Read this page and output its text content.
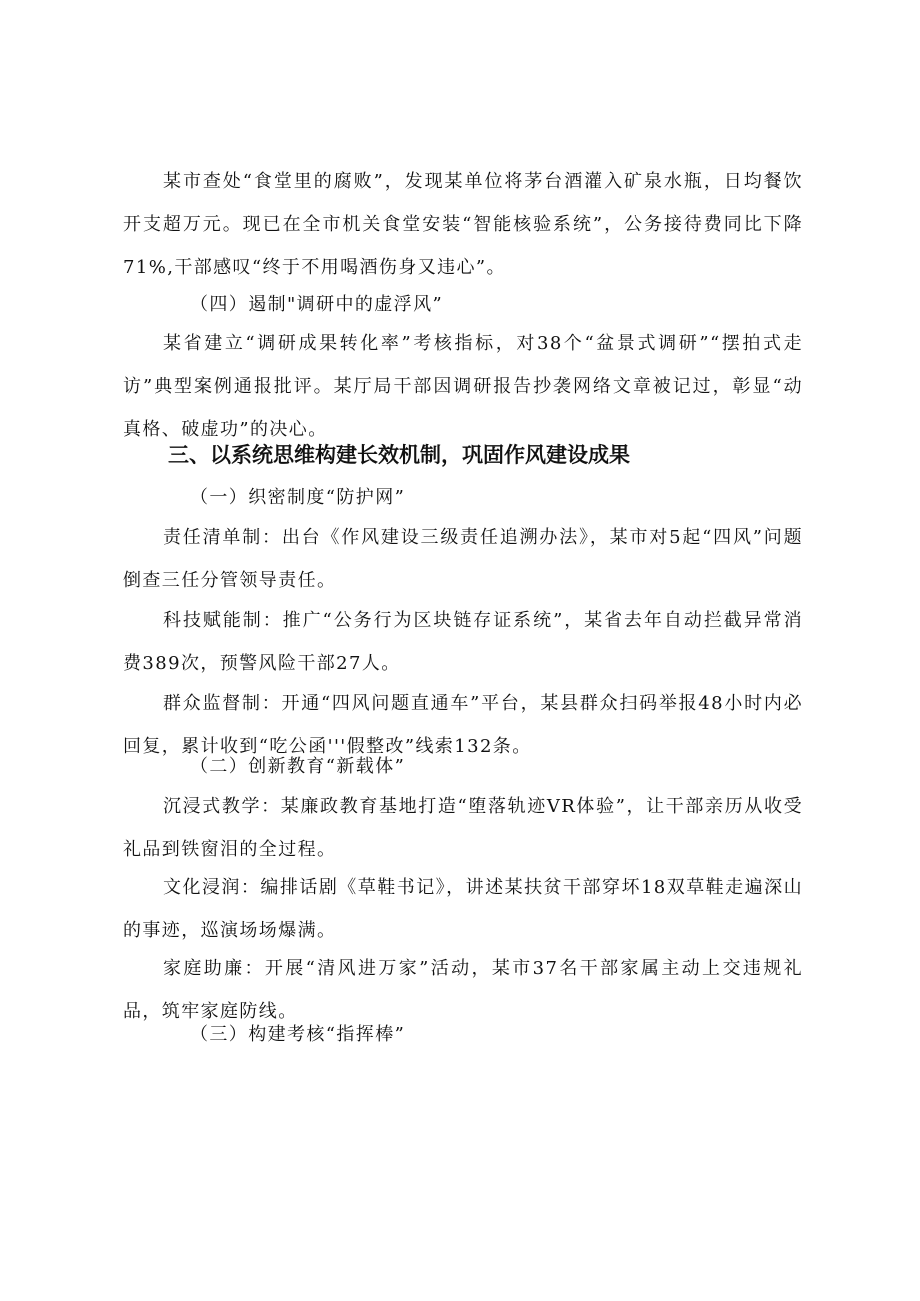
某市查处“食堂里的腐败”，发现某单位将茅台酒灌入矿泉水瓶，日均餐饮开支超万元。现已在全市机关食堂安装“智能核验系统”，公务接待费同比下降71%,干部感叹“终于不用喝酒伤身又违心”。

（四）遏制"调研中的虚浮风”

某省建立“调研成果转化率”考核指标，对38个“盆景式调研”“摆拍式走访”典型案例通报批评。某厅局干部因调研报告抄袭网络文章被记过，彰显“动真格、破虚功”的决心。

三、以系统思维构建长效机制，巩固作风建设成果

（一）织密制度“防护网”

责任清单制：出台《作风建设三级责任追溯办法》，某市对5起“四风”问题倒查三任分管领导责任。

科技赋能制：推广“公务行为区块链存证系统”，某省去年自动拦截异常消费389次，预警风险干部27人。

群众监督制：开通“四风问题直通车”平台，某县群众扫码举报48小时内必回复，累计收到“吃公函'''假整改”线索132条。

（二）创新教育“新载体”

沉浸式教学：某廉政教育基地打造“堕落轨迹VR体验”，让干部亲历从收受礼品到铁窗泪的全过程。

文化浸润：编排话剧《草鞋书记》，讲述某扶贫干部穿坏18双草鞋走遍深山的事迹，巡演场场爆满。

家庭助廉：开展“清风进万家”活动，某市37名干部家属主动上交违规礼品，筑牢家庭防线。

（三）构建考核“指挥棒”
